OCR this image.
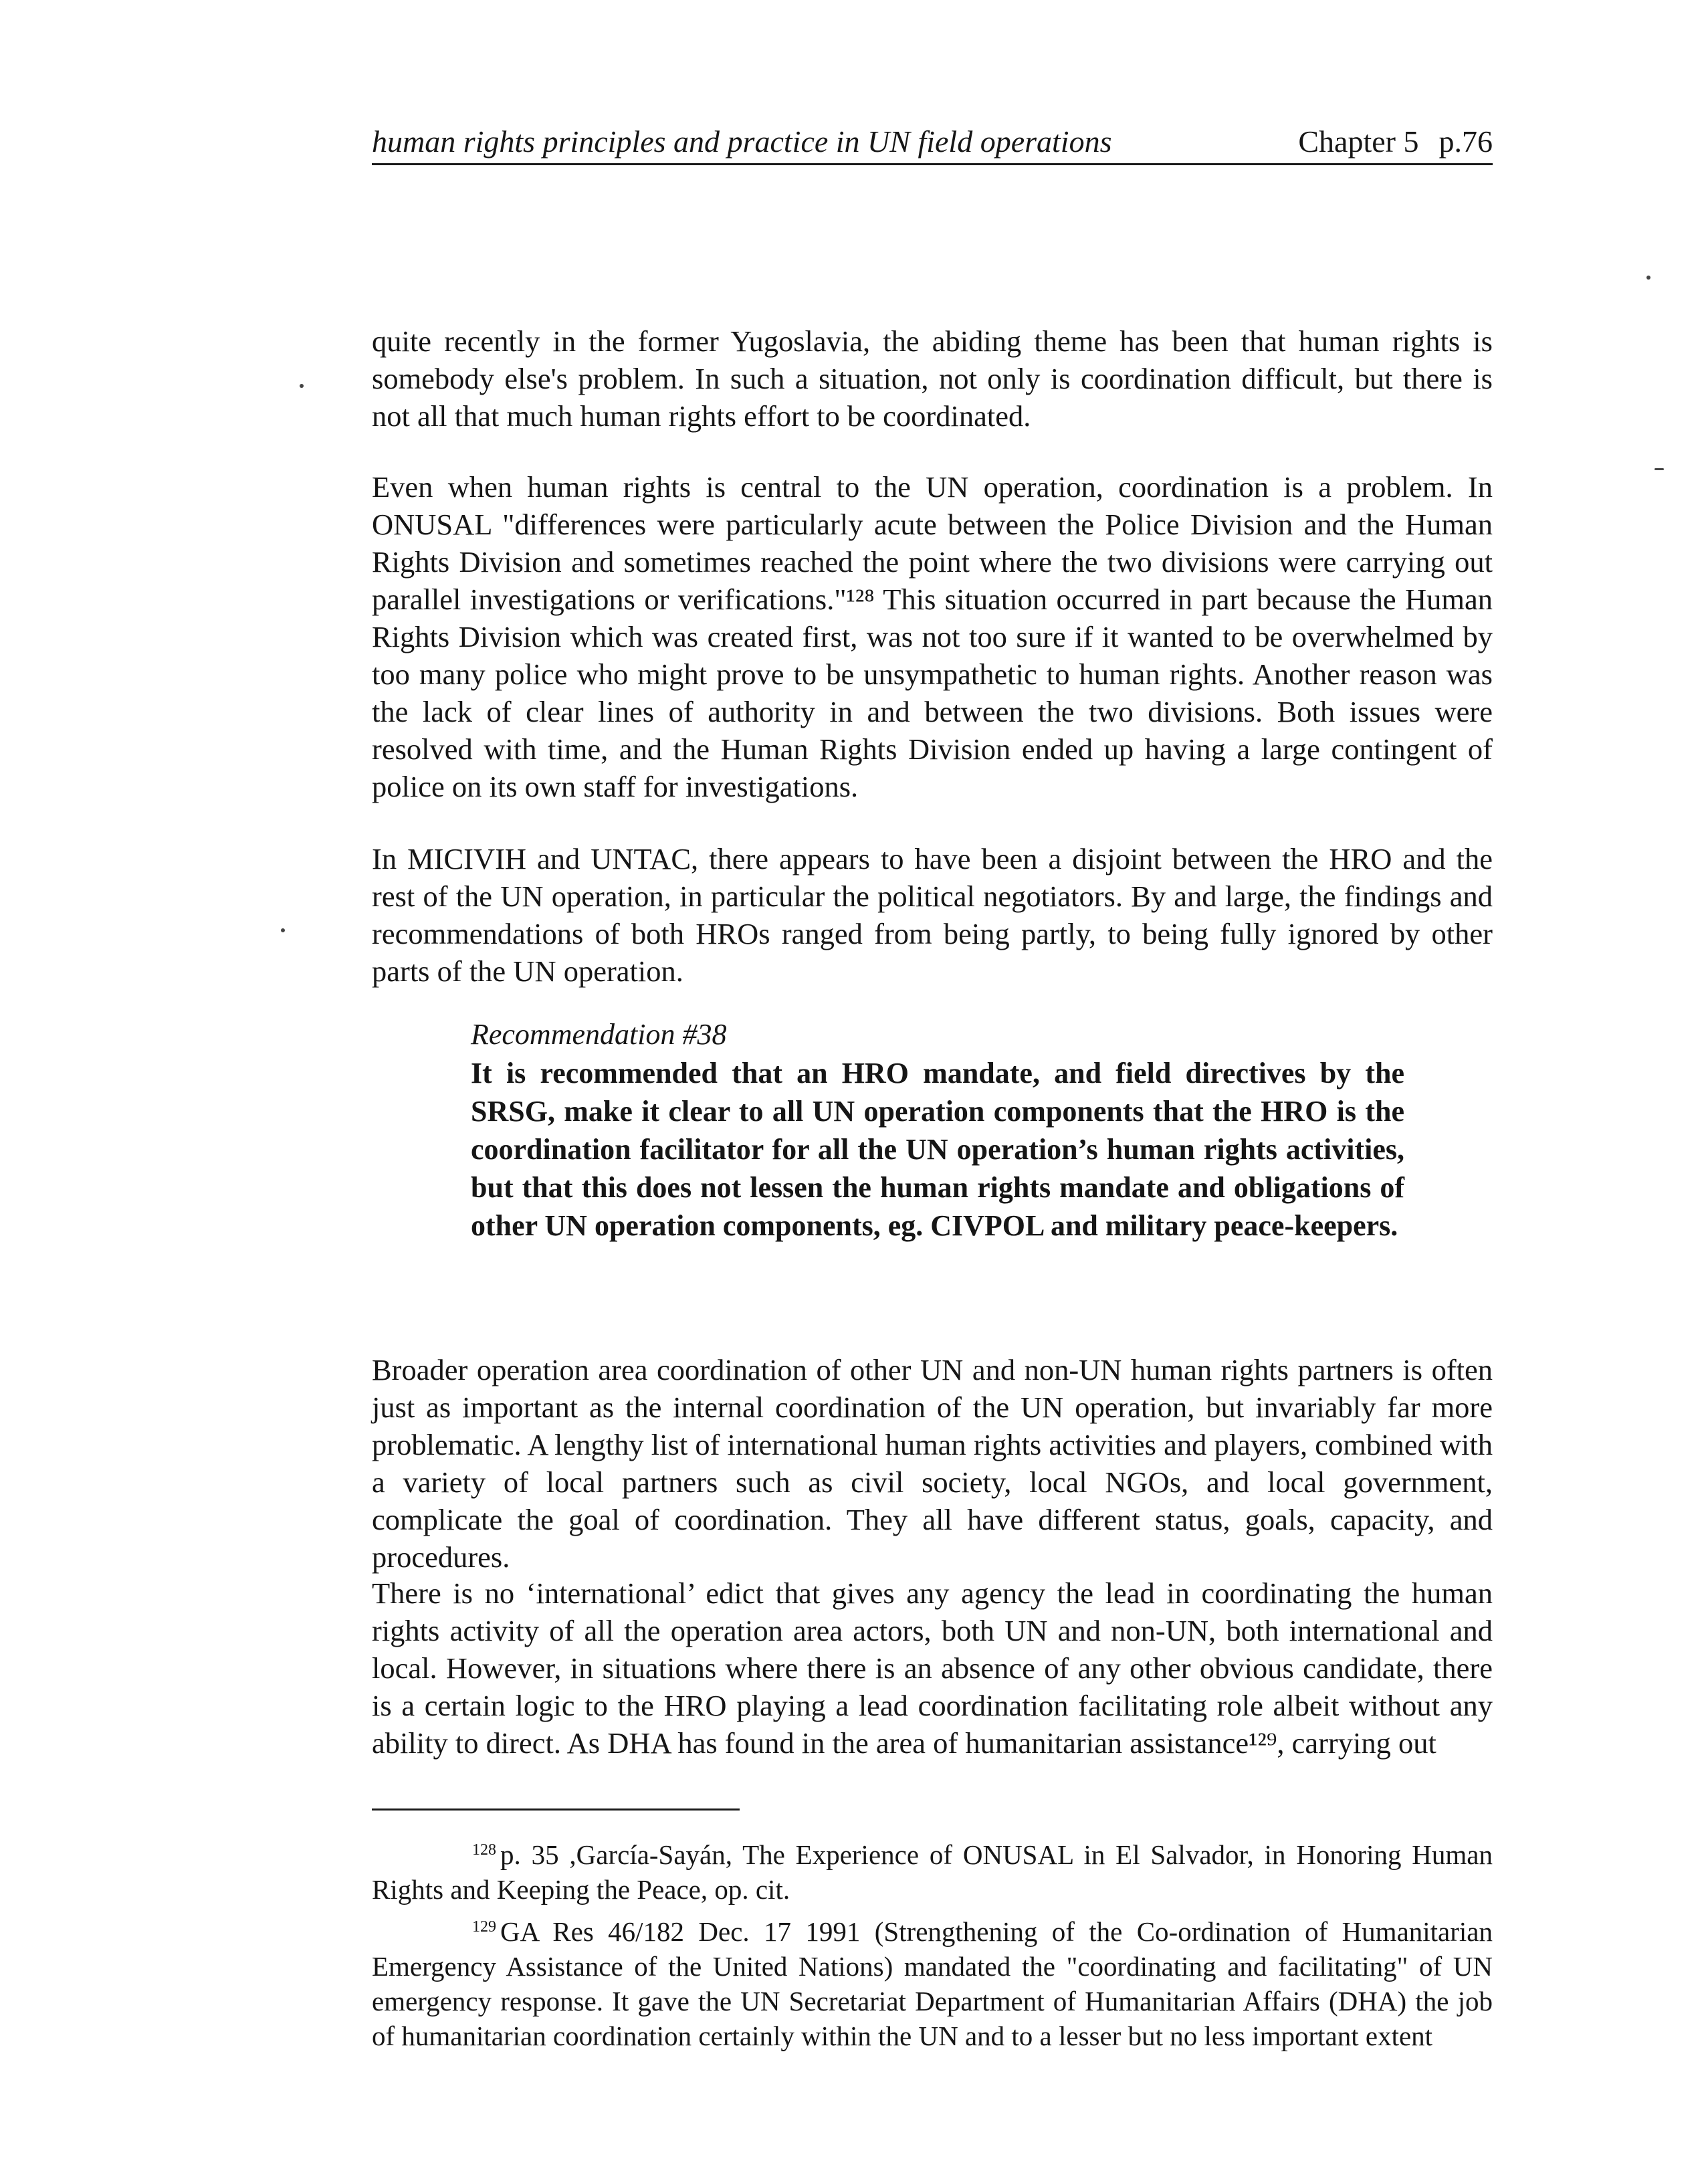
human rights principles and practice in UN field operations	Chapter 5 p.76

quite recently in the former Yugoslavia, the abiding theme has been that human rights is somebody else's problem. In such a situation, not only is coordination difficult, but there is not all that much human rights effort to be coordinated.

Even when human rights is central to the UN operation, coordination is a problem. In ONUSAL "differences were particularly acute between the Police Division and the Human Rights Division and sometimes reached the point where the two divisions were carrying out parallel investigations or verifications."¹²⁸ This situation occurred in part because the Human Rights Division which was created first, was not too sure if it wanted to be overwhelmed by too many police who might prove to be unsympathetic to human rights. Another reason was the lack of clear lines of authority in and between the two divisions. Both issues were resolved with time, and the Human Rights Division ended up having a large contingent of police on its own staff for investigations.

In MICIVIH and UNTAC, there appears to have been a disjoint between the HRO and the rest of the UN operation, in particular the political negotiators. By and large, the findings and recommendations of both HROs ranged from being partly, to being fully ignored by other parts of the UN operation.

Recommendation #38

It is recommended that an HRO mandate, and field directives by the SRSG, make it clear to all UN operation components that the HRO is the coordination facilitator for all the UN operation’s human rights activities, but that this does not lessen the human rights mandate and obligations of other UN operation components, eg. CIVPOL and military peace-keepers.

Broader operation area coordination of other UN and non-UN human rights partners is often just as important as the internal coordination of the UN operation, but invariably far more problematic. A lengthy list of international human rights activities and players, combined with a variety of local partners such as civil society, local NGOs, and local government, complicate the goal of coordination. They all have different status, goals, capacity, and procedures.

There is no ‘international’ edict that gives any agency the lead in coordinating the human rights activity of all the operation area actors, both UN and non-UN, both international and local. However, in situations where there is an absence of any other obvious candidate, there is a certain logic to the HRO playing a lead coordination facilitating role albeit without any ability to direct. As DHA has found in the area of humanitarian assistance¹²⁹, carrying out

$^{128}$ p. 35 ,García-Sayán, The Experience of ONUSAL in El Salvador, in Honoring Human Rights and Keeping the Peace, op. cit.

$^{129}$ GA Res 46/182 Dec. 17 1991 (Strengthening of the Co-ordination of Humanitarian Emergency Assistance of the United Nations) mandated the "coordinating and facilitating" of UN emergency response. It gave the UN Secretariat Department of Humanitarian Affairs (DHA) the job of humanitarian coordination certainly within the UN and to a lesser but no less important extent
